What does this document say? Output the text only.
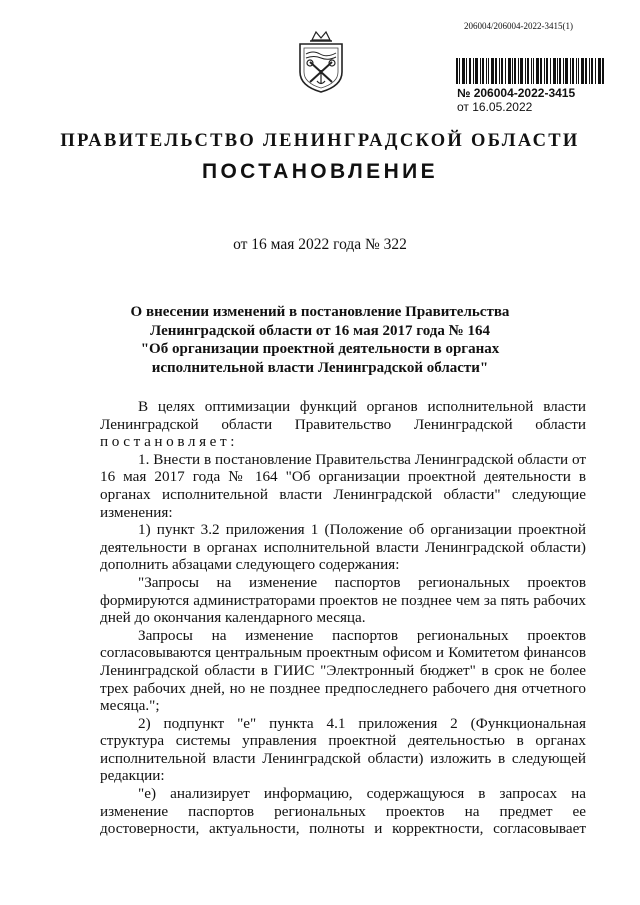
206004/206004-2022-3415(1)
№ 206004-2022-3415
от 16.05.2022
ПРАВИТЕЛЬСТВО ЛЕНИНГРАДСКОЙ ОБЛАСТИ
ПОСТАНОВЛЕНИЕ
от 16 мая 2022 года № 322
О внесении изменений в постановление Правительства
Ленинградской области от 16 мая 2017 года № 164
"Об организации проектной деятельности в органах
исполнительной власти Ленинградской области"

В целях оптимизации функций органов исполнительной власти Ленинградской области Правительство Ленинградской области

постановляет:

1. Внести в постановление Правительства Ленинградской области от 16 мая 2017 года № 164 "Об организации проектной деятельности в органах исполнительной власти Ленинградской области" следующие изменения:

1) пункт 3.2 приложения 1 (Положение об организации проектной деятельности в органах исполнительной власти Ленинградской области) дополнить абзацами следующего содержания:

"Запросы на изменение паспортов региональных проектов формируются администраторами проектов не позднее чем за пять рабочих дней до окончания календарного месяца.

Запросы на изменение паспортов региональных проектов согласовываются центральным проектным офисом и Комитетом финансов Ленинградской области в ГИИС "Электронный бюджет" в срок не более трех рабочих дней, но не позднее предпоследнего рабочего дня отчетного месяца.";

2) подпункт "е" пункта 4.1 приложения 2 (Функциональная структура системы управления проектной деятельностью в органах исполнительной власти Ленинградской области) изложить в следующей редакции:

"е) анализирует информацию, содержащуюся в запросах на изменение паспортов региональных проектов на предмет ее достоверности, актуальности, полноты и корректности, согласовывает
